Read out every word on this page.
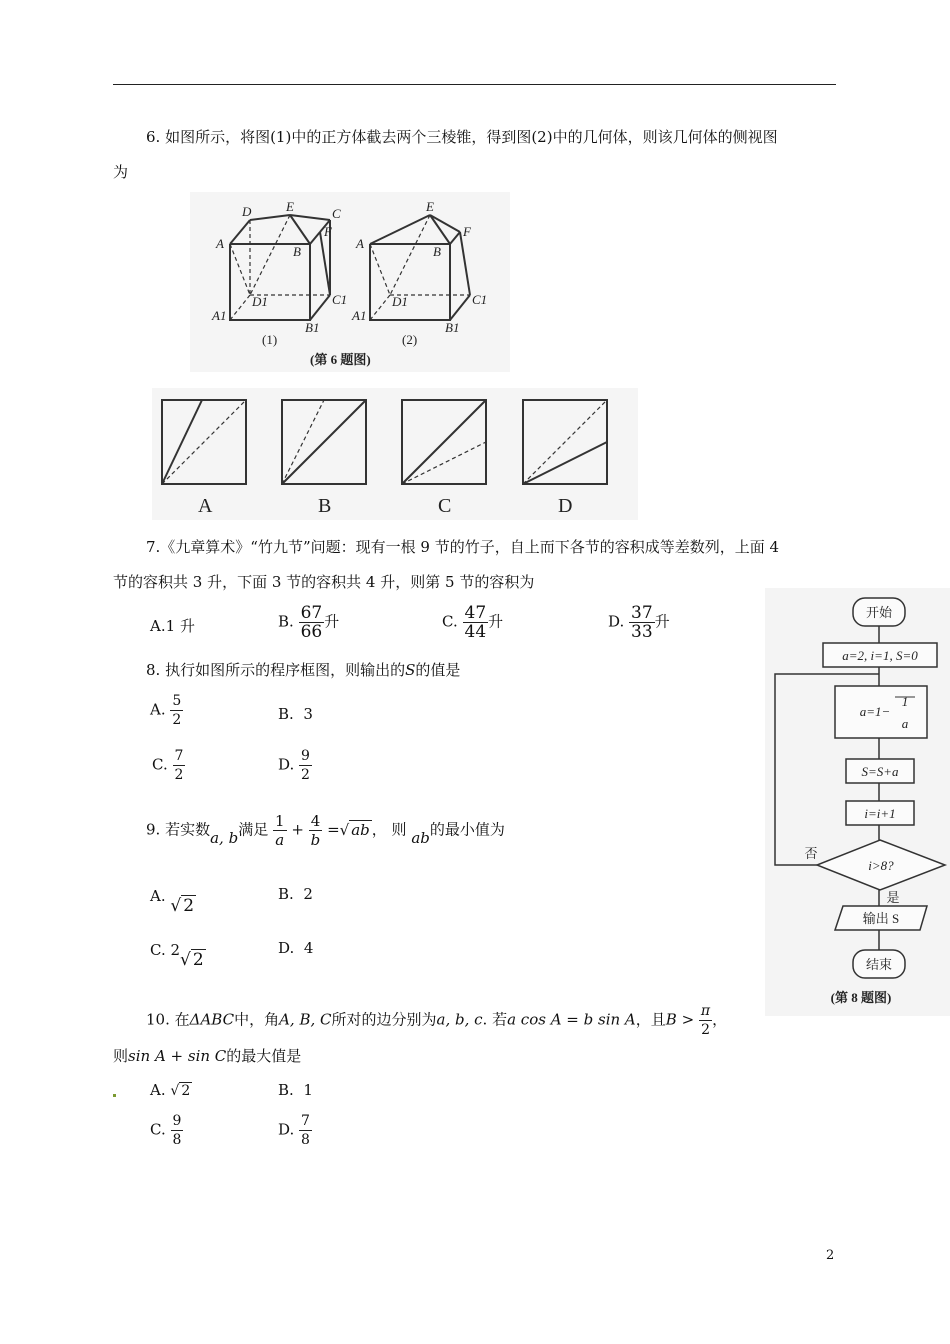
6. 如图所示，将图(1)中的正方体截去两个三棱锥，得到图(2)中的几何体，则该几何体的侧视图
为
D	E	C
A
B
F
D1	C1
A1
B1
E
A
B
F
D1	C1
A1
B1
(1)	(2)
(第 6 题图)
A	B	C	D
7.《九章算术》“竹九节”问题：现有一根 9 节的竹子，自上而下各节的容积成等差数列，上面 4
节的容积共 3 升，下面 3 节的容积共 4 升，则第 5 节的容积为
A.1 升	B. $\frac{67}{66}$ 升	C. $\frac{47}{44}$ 升	D. $\frac{37}{33}$ 升
8. 执行如图所示的程序框图，则输出的S的值是
A. $\frac{5}{2}$	B. 3
C. $\frac{7}{2}$	D. $\frac{9}{2}$
开始
a=2, i=1, S=0
a=1−
1
a
S=S+a
i=i+1
i>8?
否
是
输出 S
结束
(第 8 题图)
9. 若实数a, b满足 $\frac{1}{a} + \frac{4}{b}$ =√ ab ， 则 ab的最小值为
A. √ 2
B. 2
C. 2√ 2
D. 4
10. 在ΔABC中，角A, B, C所对的边分别为a, b, c. 若a cos A = b sin A，且$B > \frac{\pi}{2}$ ，
则sin A + sin C的最大值是
A. √ 2	B. 1
C. $\frac{9}{8}$	D. $\frac{7}{8}$
2
